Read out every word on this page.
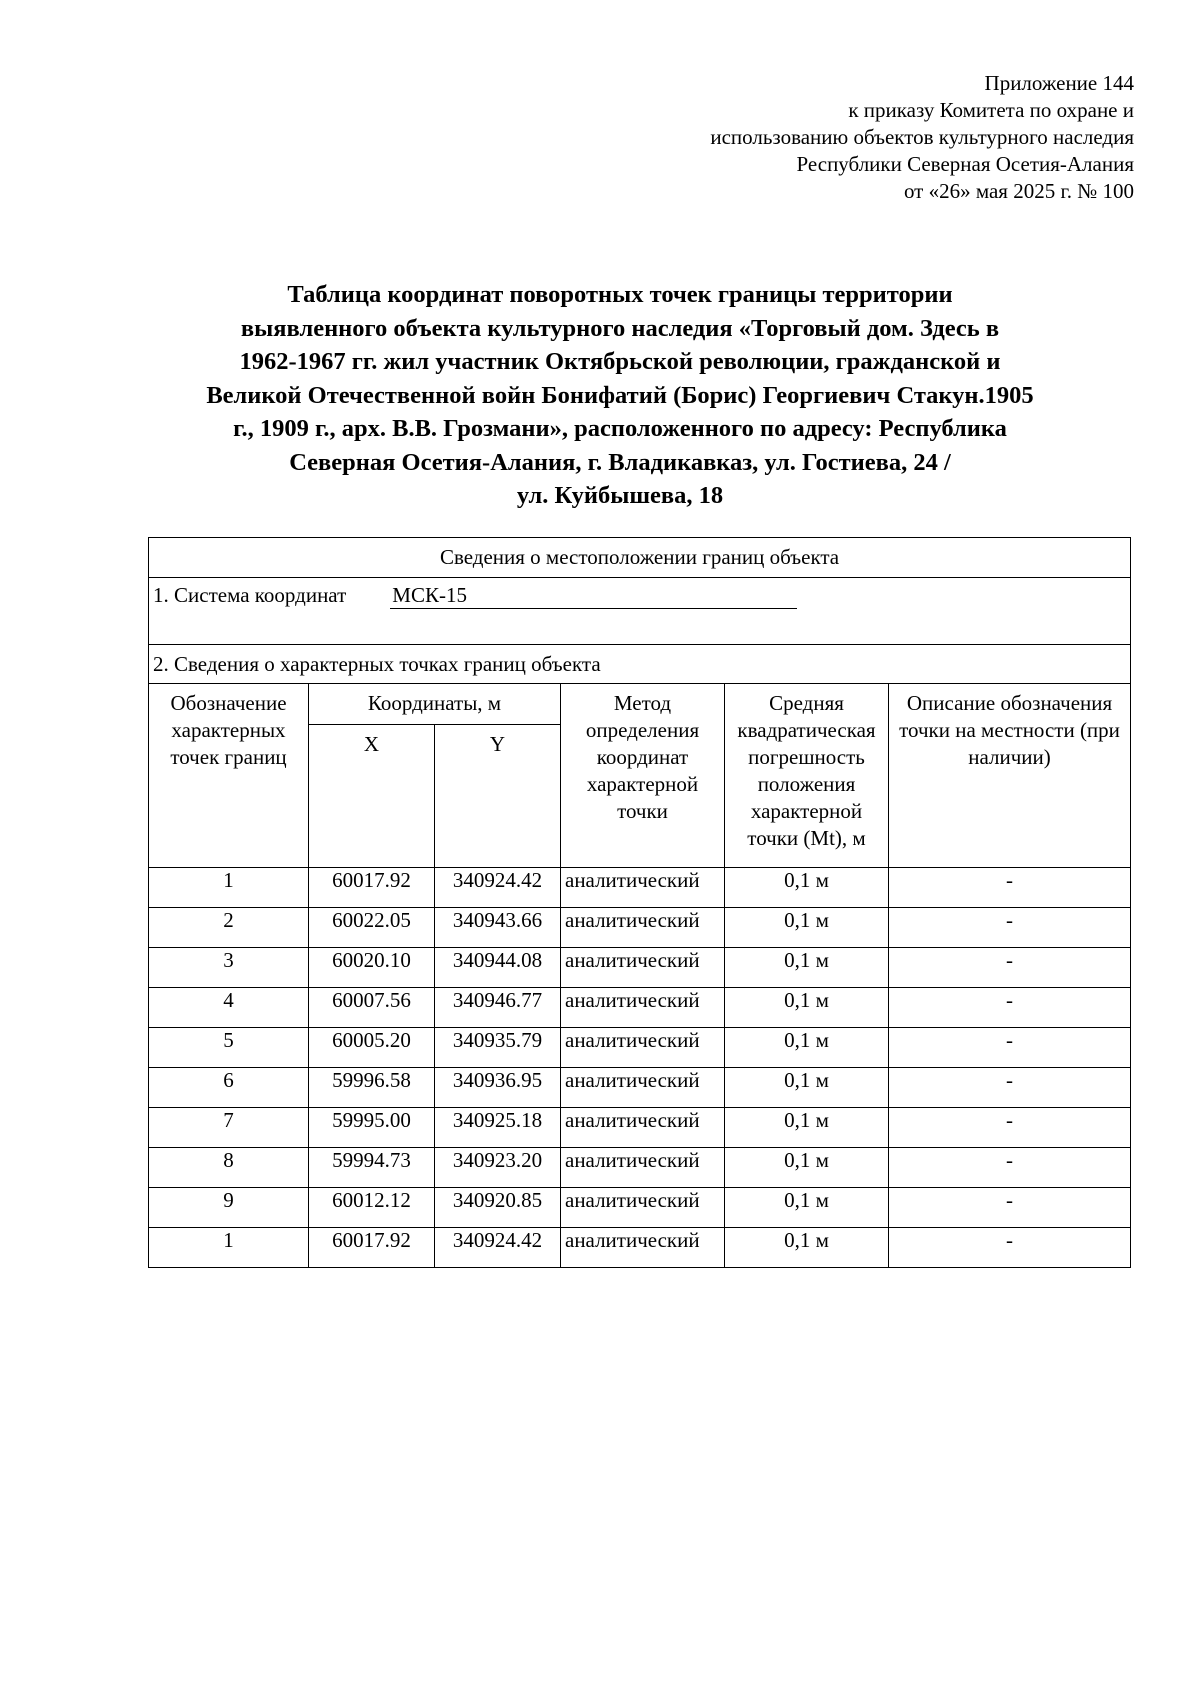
Приложение 144
к приказу Комитета по охране и
использованию объектов культурного наследия
Республики Северная Осетия-Алания
от «26» мая 2025 г. № 100
Таблица координат поворотных точек границы территории
выявленного объекта культурного наследия «Торговый дом. Здесь в
1962-1967 гг. жил участник Октябрьской революции, гражданской и
Великой Отечественной войн Бонифатий (Борис) Георгиевич Стакун.1905
г., 1909 г., арх. В.В. Грозмани», расположенного по адресу: Республика
Северная Осетия-Алания, г. Владикавказ, ул. Гостиева, 24 /
ул. Куйбышева, 18
Сведения о местоположении границ объекта					
1. Система координат МСК-15					
2. Сведения о характерных точках границ объекта					
Обозначение характерных точек границ	Координаты, м		Метод определения координат характерной точки	Средняя квадратическая погрешность положения характерной точки (Mt), м	Описание обозначения точки на местности (при наличии)
	X	Y			
1	60017.92	340924.42	аналитический	0,1 м	-
2	60022.05	340943.66	аналитический	0,1 м	-
3	60020.10	340944.08	аналитический	0,1 м	-
4	60007.56	340946.77	аналитический	0,1 м	-
5	60005.20	340935.79	аналитический	0,1 м	-
6	59996.58	340936.95	аналитический	0,1 м	-
7	59995.00	340925.18	аналитический	0,1 м	-
8	59994.73	340923.20	аналитический	0,1 м	-
9	60012.12	340920.85	аналитический	0,1 м	-
1	60017.92	340924.42	аналитический	0,1 м	-
